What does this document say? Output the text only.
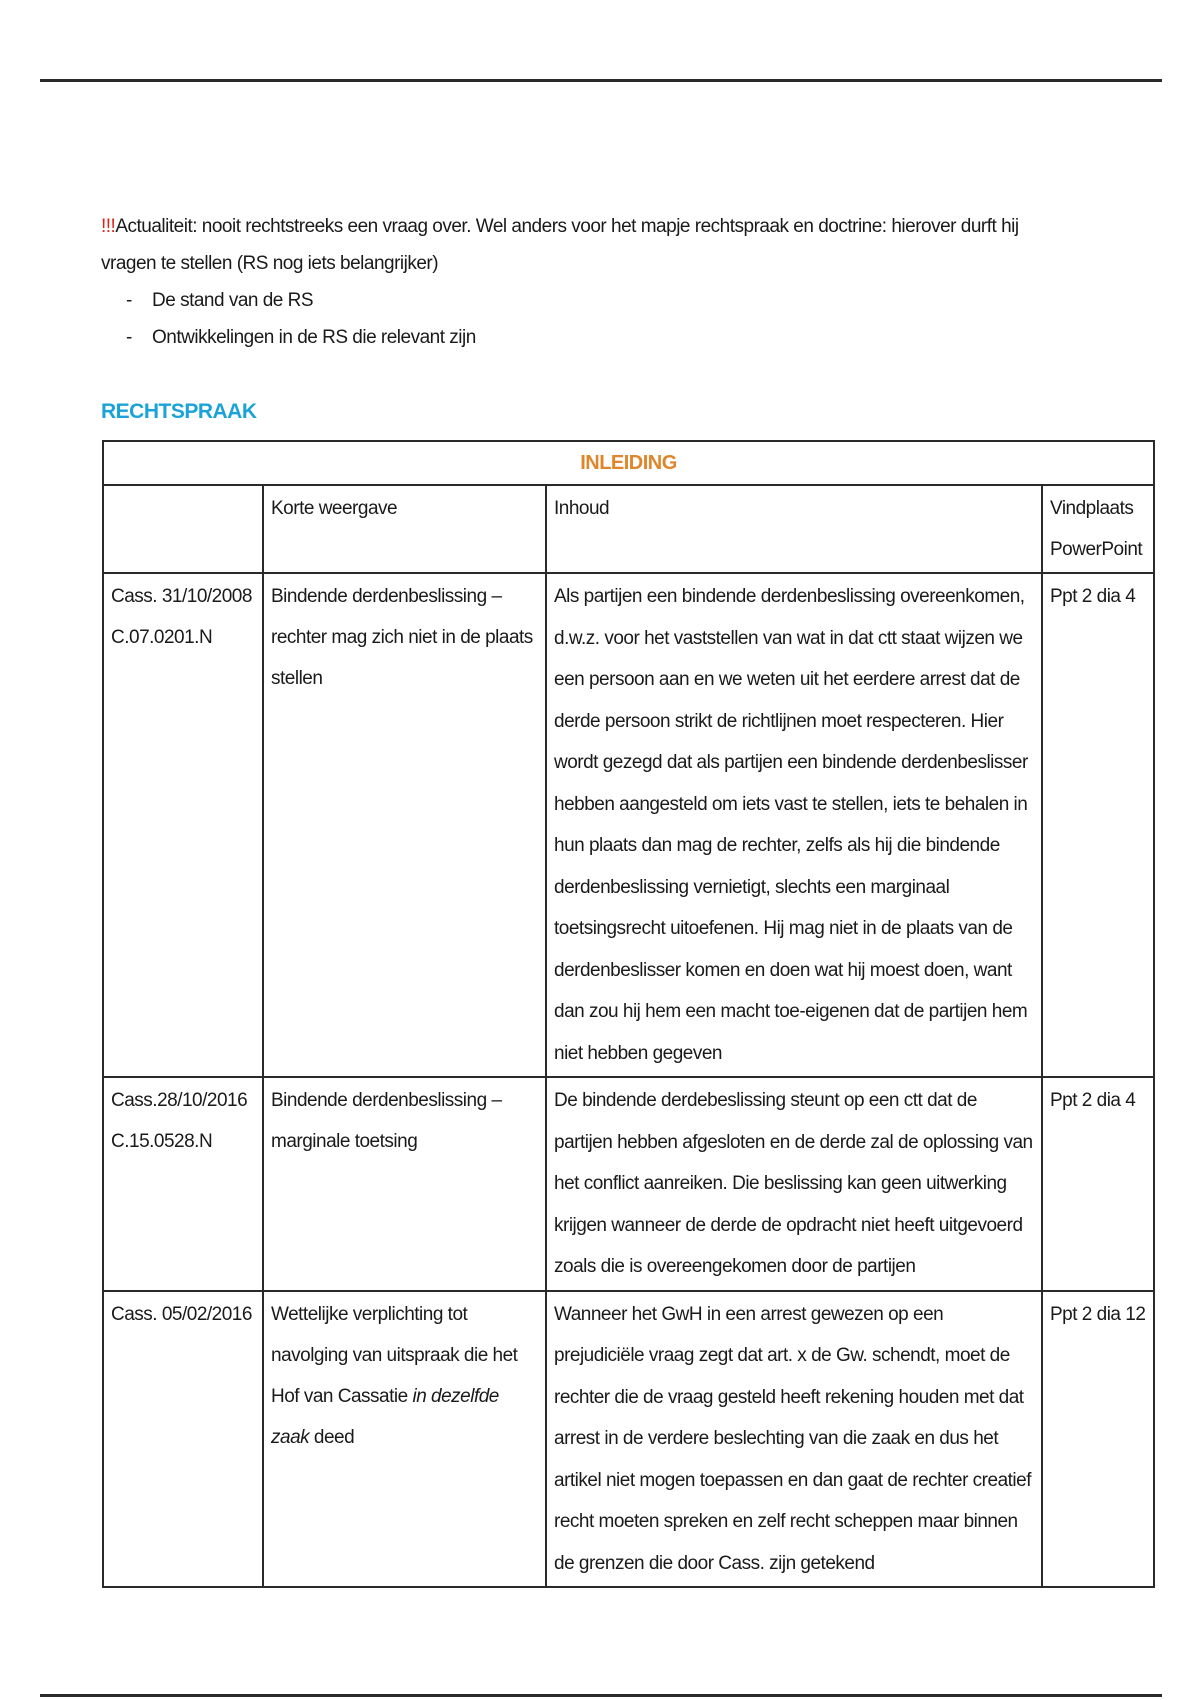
!!!Actualiteit: nooit rechtstreeks een vraag over. Wel anders voor het mapje rechtspraak en doctrine: hierover durft hij vragen te stellen (RS nog iets belangrijker)

- De stand van de RS
- Ontwikkelingen in de RS die relevant zijn
RECHTSPRAAK
INLEIDING			
	Korte weergave	Inhoud	Vindplaats PowerPoint

Cass. 31/10/2008
C.07.0201.N	Bindende derdenbeslissing – rechter mag zich niet in de plaats stellen	Als partijen een bindende derdenbeslissing overeenkomen, d.w.z. voor het vaststellen van wat in dat ctt staat wijzen we een persoon aan en we weten uit het eerdere arrest dat de derde persoon strikt de richtlijnen moet respecteren. Hier wordt gezegd dat als partijen een bindende derdenbeslisser hebben aangesteld om iets vast te stellen, iets te behalen in hun plaats dan mag de rechter, zelfs als hij die bindende derdenbeslissing vernietigt, slechts een marginaal toetsingsrecht uitoefenen. Hij mag niet in de plaats van de derdenbeslisser komen en doen wat hij moest doen, want dan zou hij hem een macht toe-eigenen dat de partijen hem niet hebben gegeven	Ppt 2 dia 4

Cass.28/10/2016
C.15.0528.N	Bindende derdenbeslissing – marginale toetsing	De bindende derdebeslissing steunt op een ctt dat de partijen hebben afgesloten en de derde zal de oplossing van het conflict aanreiken. Die beslissing kan geen uitwerking krijgen wanneer de derde de opdracht niet heeft uitgevoerd zoals die is overeengekomen door de partijen	Ppt 2 dia 4

Cass. 05/02/2016	Wettelijke verplichting tot navolging van uitspraak die het Hof van Cassatie in dezelfde zaak deed	Wanneer het GwH in een arrest gewezen op een prejudiciële vraag zegt dat art. x de Gw. schendt, moet de rechter die de vraag gesteld heeft rekening houden met dat arrest in de verdere beslechting van die zaak en dus het artikel niet mogen toepassen en dan gaat de rechter creatief recht moeten spreken en zelf recht scheppen maar binnen de grenzen die door Cass. zijn getekend	Ppt 2 dia 12
